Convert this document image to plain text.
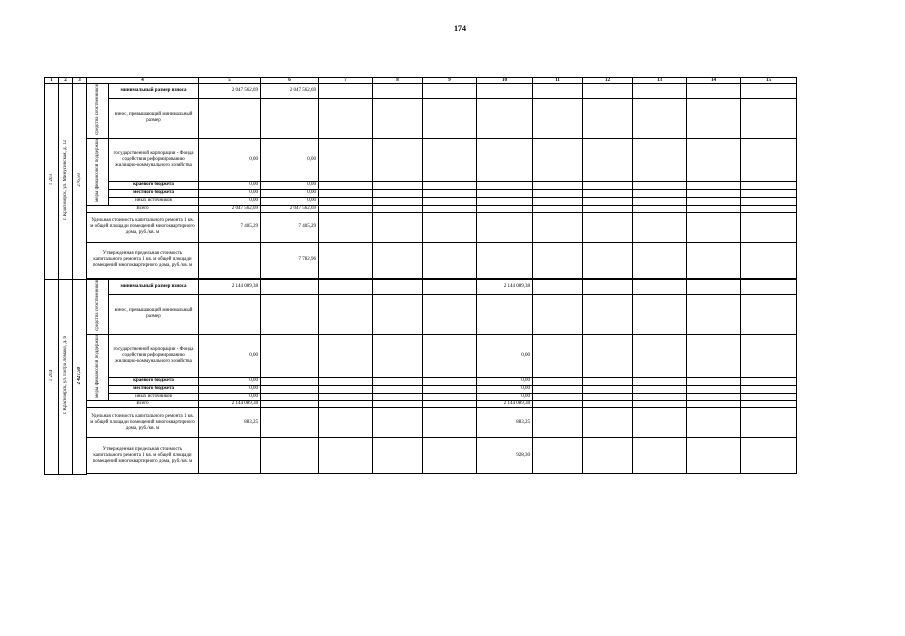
174
1	2	3	4		5	6	7	8	9	10	11	12	13	14	15
1 203	г. Красноярск, ул. Минусинская, д. 12	276,50	средства собственников	минимальный размер взноса	2 047 562,69	2 047 562,69									
				взнос, превышающий минимальный размер											
			меры финансовой поддержки	государственной корпорации - Фонда содействия реформированию жилищно-коммунального хозяйства	0,00	0,00									
				краевого бюджета	0,00	0,00									
				местного бюджета	0,00	0,00									
				иных источников	0,00	0,00									
			Всего		2 047 562,69	2 047 562,69									
			Удельная стоимость капитального ремонта 1 кв. м общей площади помещений многоквартирного дома, руб./кв. м		7 405,29	7 405,29									
			Утвержденная предельная стоимость капитального ремонта 1 кв. м общей площади помещений многоквартирного дома, руб./кв. м			7 782,96									

1 204	г. Красноярск, ул. Петра Ломако, д. 6	2 427,50	средства собственников	минимальный размер взноса	2 144 089,38					2 144 089,38					
				взнос, превышающий минимальный размер											
			меры финансовой поддержки	государственной корпорации - Фонда содействия реформированию жилищно-коммунального хозяйства	0,00					0,00					
				краевого бюджета	0,00					0,00					
				местного бюджета	0,00					0,00					
				иных источников	0,00					0,00					
			Всего		2 144 089,38					2 144 089,38					
			Удельная стоимость капитального ремонта 1 кв. м общей площади помещений многоквартирного дома, руб./кв. м		883,25					883,25					
			Утвержденная предельная стоимость капитального ремонта 1 кв. м общей площади помещений многоквартирного дома, руб./кв. м							928,30					
